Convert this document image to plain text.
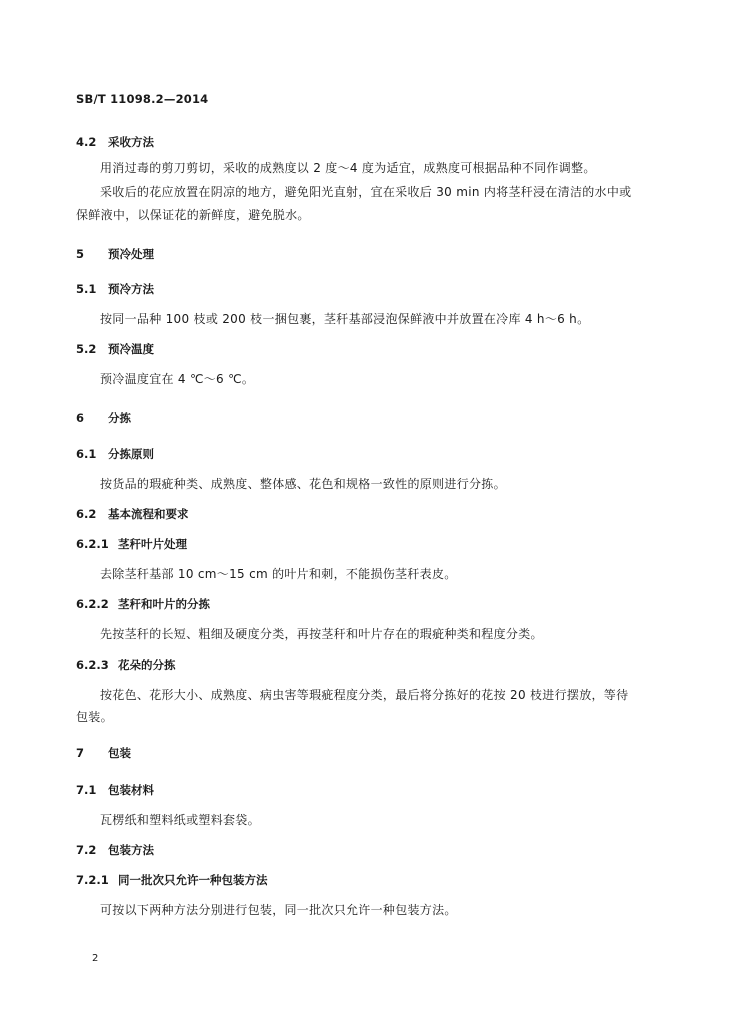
SB/T 11098.2—2014
4.2 采收方法
用消过毒的剪刀剪切，采收的成熟度以 2 度～4 度为适宜，成熟度可根据品种不同作调整。
采收后的花应放置在阴凉的地方，避免阳光直射，宜在采收后 30 min 内将茎秆浸在清洁的水中或
保鲜液中，以保证花的新鲜度，避免脱水。
5 预冷处理
5.1 预冷方法
按同一品种 100 枝或 200 枝一捆包裹，茎秆基部浸泡保鲜液中并放置在冷库 4 h～6 h。
5.2 预冷温度
预冷温度宜在 4 ℃～6 ℃。
6 分拣
6.1 分拣原则
按货品的瑕疵种类、成熟度、整体感、花色和规格一致性的原则进行分拣。
6.2 基本流程和要求
6.2.1 茎秆叶片处理
去除茎秆基部 10 cm～15 cm 的叶片和刺，不能损伤茎秆表皮。
6.2.2 茎秆和叶片的分拣
先按茎秆的长短、粗细及硬度分类，再按茎秆和叶片存在的瑕疵种类和程度分类。
6.2.3 花朵的分拣
按花色、花形大小、成熟度、病虫害等瑕疵程度分类，最后将分拣好的花按 20 枝进行摆放，等待
包装。
7 包装
7.1 包装材料
瓦楞纸和塑料纸或塑料套袋。
7.2 包装方法
7.2.1 同一批次只允许一种包装方法
可按以下两种方法分别进行包装，同一批次只允许一种包装方法。
2
